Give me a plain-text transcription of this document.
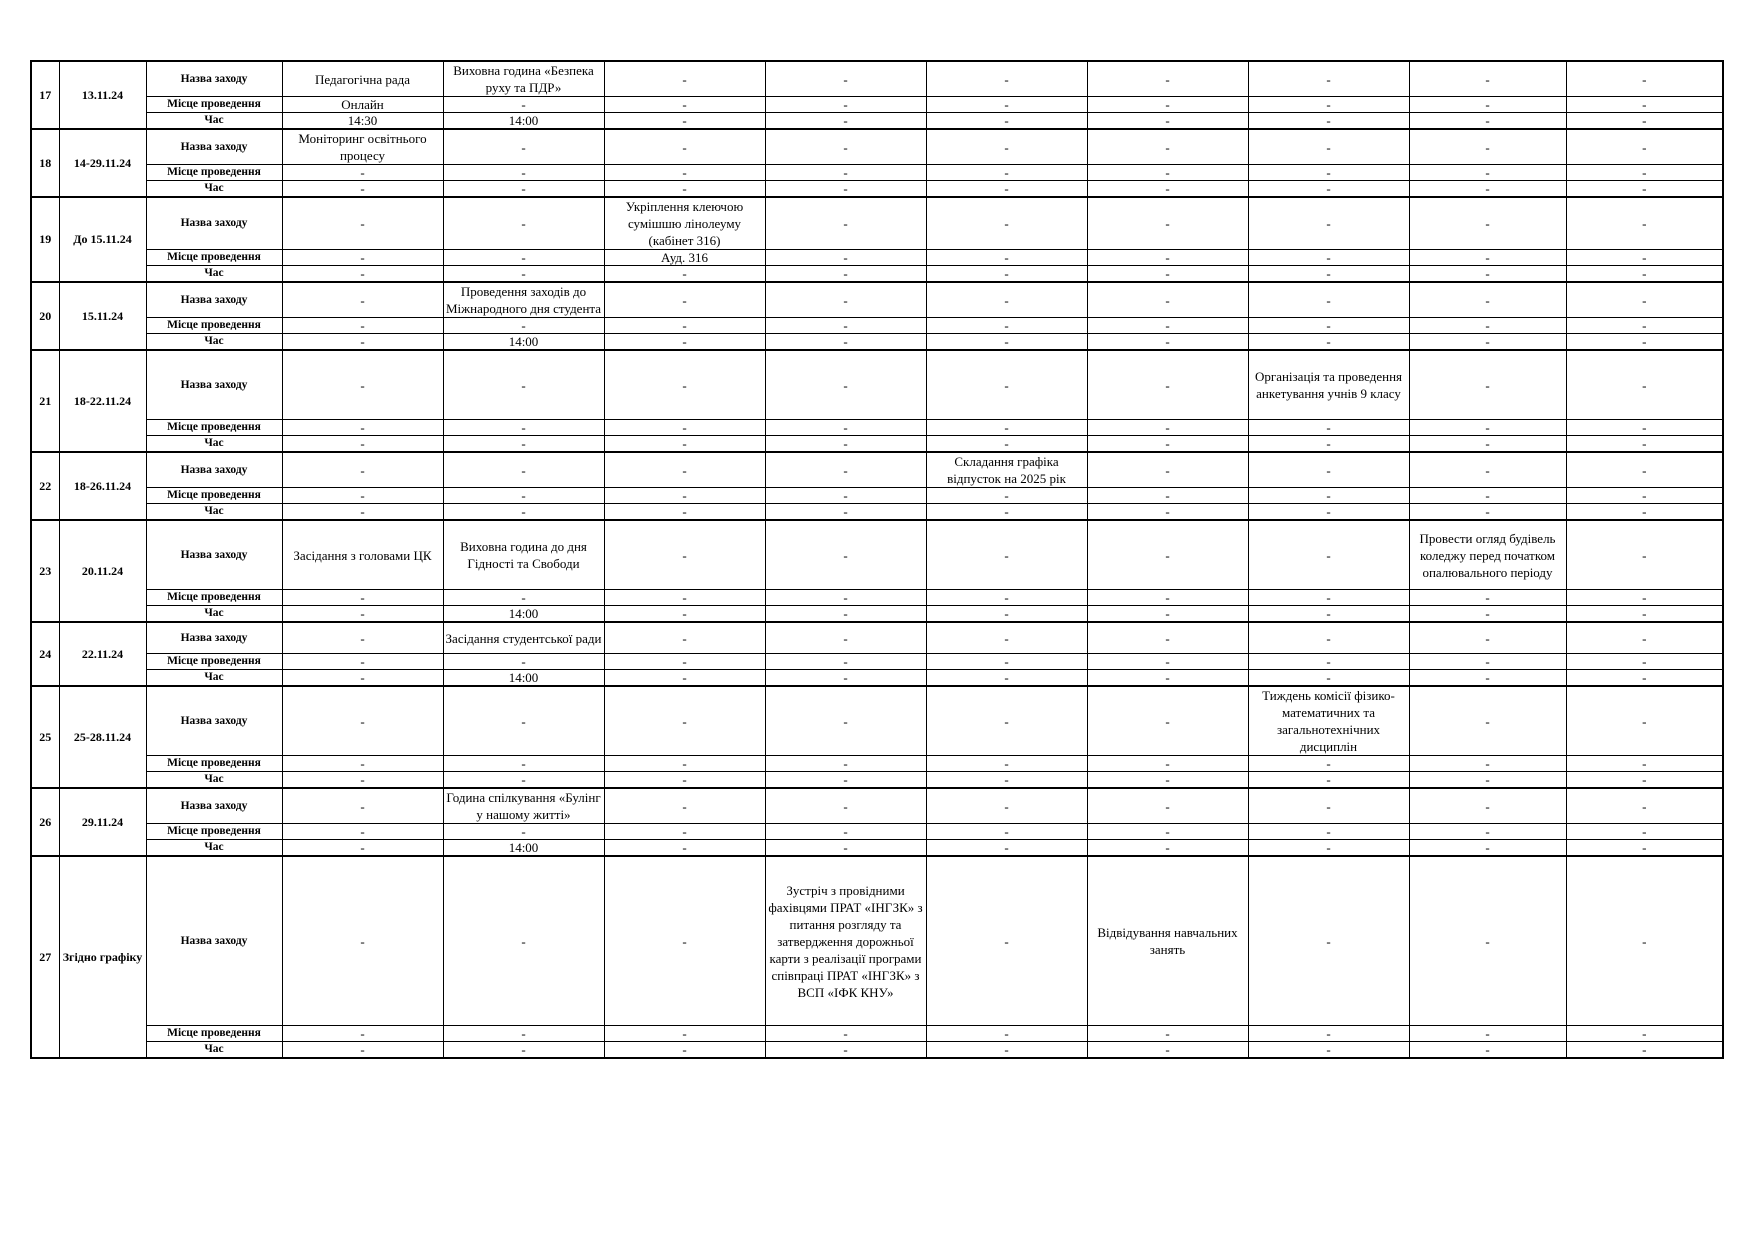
17	13.11.24	Назва заходу	Педагогічна рада	Виховна година «Безпека руху та ПДР»	-	-	-	-	-	-	-
		Місце проведення	Онлайн	-	-	-	-	-	-	-	-
		Час	14:30	14:00	-	-	-	-	-	-	-
18	14-29.11.24	Назва заходу	Моніторинг освітнього процесу	-	-	-	-	-	-	-	-
		Місце проведення	-	-	-	-	-	-	-	-	-
		Час	-	-	-	-	-	-	-	-	-
19	До 15.11.24	Назва заходу	-	-	Укріплення клеючою сумішшю лінолеуму (кабінет 316)	-	-	-	-	-	-
		Місце проведення	-	-	Ауд. 316	-	-	-	-	-	-
		Час	-	-	-	-	-	-	-	-	-
20	15.11.24	Назва заходу	-	Проведення заходів до Міжнародного дня студента	-	-	-	-	-	-	-
		Місце проведення	-	-	-	-	-	-	-	-	-
		Час	-	14:00	-	-	-	-	-	-	-
21	18-22.11.24	Назва заходу	-	-	-	-	-	-	Організація та проведення анкетування учнів 9 класу	-	-
		Місце проведення	-	-	-	-	-	-	-	-	-
		Час	-	-	-	-	-	-	-	-	-
22	18-26.11.24	Назва заходу	-	-	-	-	Складання графіка відпусток на 2025 рік	-	-	-	-
		Місце проведення	-	-	-	-	-	-	-	-	-
		Час	-	-	-	-	-	-	-	-	-
23	20.11.24	Назва заходу	Засідання з головами ЦК	Виховна година до дня Гідності та Свободи	-	-	-	-	-	Провести огляд будівель коледжу перед початком опалювального періоду	-
		Місце проведення	-	-	-	-	-	-	-	-	-
		Час	-	14:00	-	-	-	-	-	-	-
24	22.11.24	Назва заходу	-	Засідання студентської ради	-	-	-	-	-	-	-
		Місце проведення	-	-	-	-	-	-	-	-	-
		Час	-	14:00	-	-	-	-	-	-	-
25	25-28.11.24	Назва заходу	-	-	-	-	-	-	Тиждень комісії фізико-математичних та загальнотехнічних дисциплін	-	-
		Місце проведення	-	-	-	-	-	-	-	-	-
		Час	-	-	-	-	-	-	-	-	-
26	29.11.24	Назва заходу	-	Година спілкування «Булінг у нашому житті»	-	-	-	-	-	-	-
		Місце проведення	-	-	-	-	-	-	-	-	-
		Час	-	14:00	-	-	-	-	-	-	-
27	Згідно графіку	Назва заходу	-	-	-	Зустріч з провідними фахівцями ПРАТ «ІНГЗК» з питання розгляду та затвердження дорожньої карти з реалізації програми співпраці ПРАТ «ІНГЗК» з ВСП «ІФК КНУ»	-	Відвідування навчальних занять	-	-	-
		Місце проведення	-	-	-	-	-	-	-	-	-
		Час	-	-	-	-	-	-	-	-	-
